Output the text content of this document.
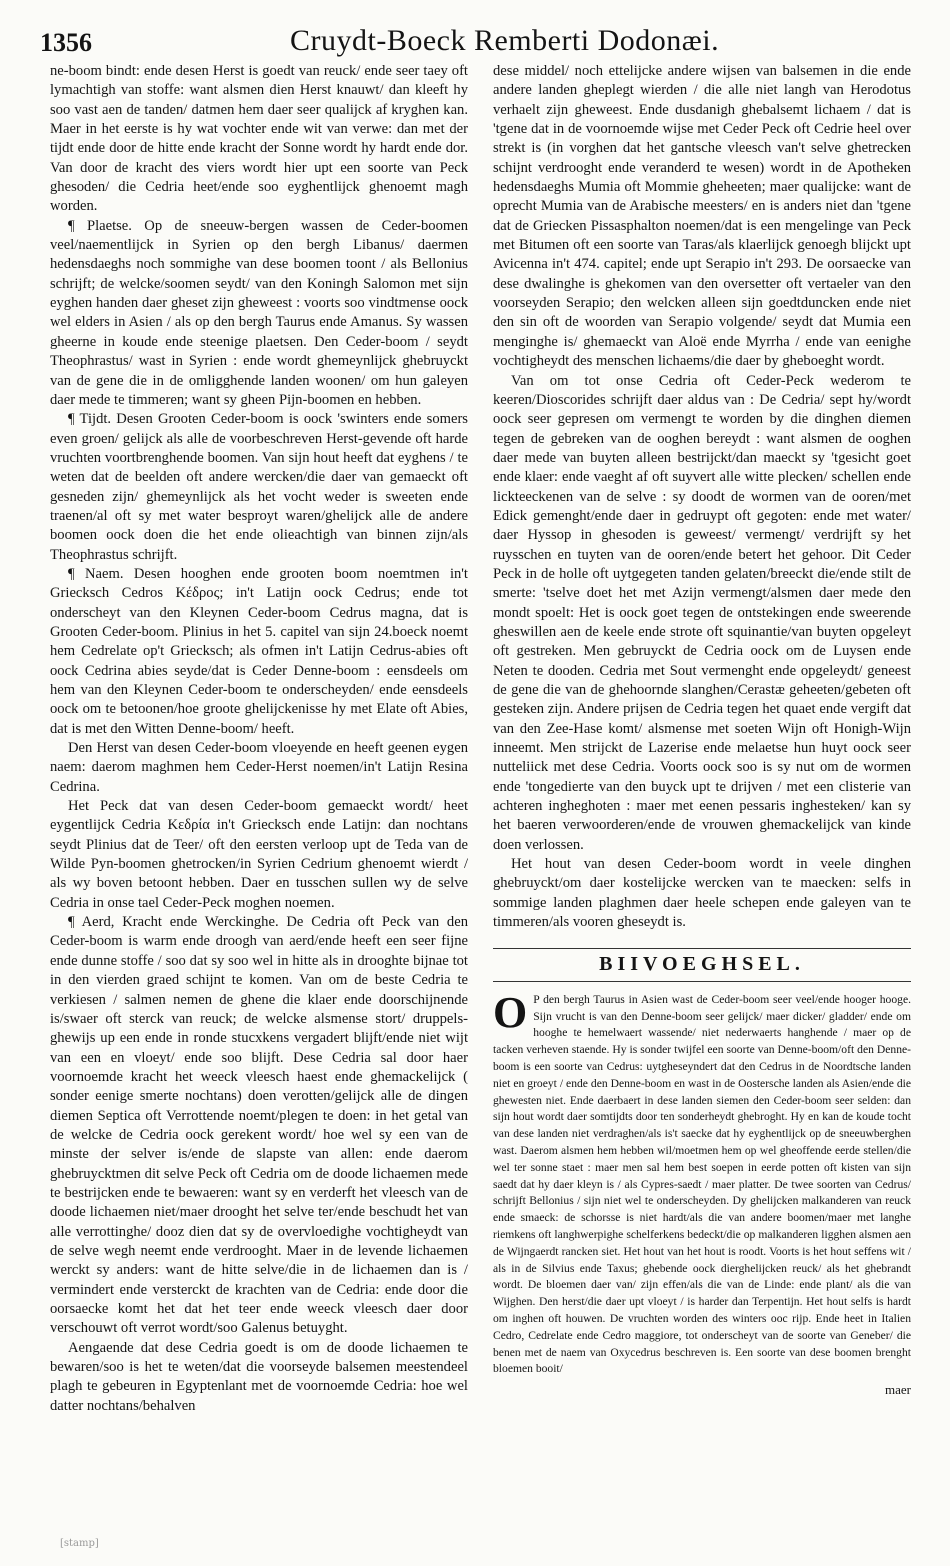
1356	Cruydt-Boeck Remberti Dodonæi.

ne-boom bindt: ende desen Herst is goedt van reuck/ ende seer taey oft lymachtigh van stoffe: want alsmen dien Herst knauwt/ dan kleeft hy soo vast aen de tanden/ datmen hem daer seer qualijck af kryghen kan. Maer in het eerste is hy wat vochter ende wit van verwe: dan met der tijdt ende door de hitte ende kracht der Sonne wordt hy hardt ende dor. Van door de kracht des viers wordt hier upt een soorte van Peck ghesoden/ die Cedria heet/ende soo eyghentlijck ghenoemt magh worden.

¶ Plaetse. Op de sneeuw-bergen wassen de Ceder-boomen veel/naementlijck in Syrien op den bergh Libanus/ daermen hedensdaeghs noch sommighe van dese boomen toont / als Bellonius schrijft; de welcke/soomen seydt/ van den Koningh Salomon met sijn eyghen handen daer gheset zijn gheweest : voorts soo vindtmense oock wel elders in Asien / als op den bergh Taurus ende Amanus. Sy wassen gheerne in koude ende steenige plaetsen. Den Ceder-boom / seydt Theophrastus/ wast in Syrien : ende wordt ghemeynlijck ghebruyckt van de gene die in de omligghende landen woonen/ om hun galeyen daer mede te timmeren; want sy gheen Pijn-boomen en hebben.

¶ Tijdt. Desen Grooten Ceder-boom is oock 'swinters ende somers even groen/ gelijck als alle de voorbeschreven Herst-gevende oft harde vruchten voortbrenghende boomen. Van sijn hout heeft dat eyghens / te weten dat de beelden oft andere wercken/die daer van gemaeckt oft gesneden zijn/ ghemeynlijck als het vocht weder is sweeten ende traenen/al oft sy met water besproyt waren/ghelijck alle de andere boomen oock doen die het ende olieachtigh van binnen zijn/als Theophrastus schrijft.

¶ Naem. Desen hooghen ende grooten boom noemtmen in't Griecksch Cedros Κέδρος; in't Latijn oock Cedrus; ende tot onderscheyt van den Kleynen Ceder-boom Cedrus magna, dat is Grooten Ceder-boom. Plinius in het 5. capitel van sijn 24.boeck noemt hem Cedrelate op't Griecksch; als ofmen in't Latijn Cedrus-abies oft oock Cedrina abies seyde/dat is Ceder Denne-boom : eensdeels om hem van den Kleynen Ceder-boom te onderscheyden/ ende eensdeels oock om te betoonen/hoe groote ghelijckenisse hy met Elate oft Abies, dat is met den Witten Denne-boom/ heeft.

Den Herst van desen Ceder-boom vloeyende en heeft geenen eygen naem: daerom maghmen hem Ceder-Herst noemen/in't Latijn Resina Cedrina.

Het Peck dat van desen Ceder-boom gemaeckt wordt/ heet eygentlijck Cedria Κεδρία in't Griecksch ende Latijn: dan nochtans seydt Plinius dat de Teer/ oft den eersten verloop upt de Teda van de Wilde Pyn-boomen ghetrocken/in Syrien Cedrium ghenoemt wierdt / als wy boven betoont hebben. Daer en tusschen sullen wy de selve Cedria in onse tael Ceder-Peck moghen noemen.

¶ Aerd, Kracht ende Werckinghe. De Cedria oft Peck van den Ceder-boom is warm ende droogh van aerd/ende heeft een seer fijne ende dunne stoffe / soo dat sy soo wel in hitte als in drooghte bijnae tot in den vierden graed schijnt te komen. Van om de beste Cedria te verkiesen / salmen nemen de ghene die klaer ende doorschijnende is/swaer oft sterck van reuck; de welcke alsmense stort/ druppels-ghewijs up een ende in ronde stucxkens vergadert blijft/ende niet wijt van een en vloeyt/ ende soo blijft. Dese Cedria sal door haer voornoemde kracht het weeck vleesch haest ende ghemackelijck ( sonder eenige smerte nochtans) doen verotten/gelijck alle de dingen diemen Septica oft Verrottende noemt/plegen te doen: in het getal van de welcke de Cedria oock gerekent wordt/ hoe wel sy een van de minste der selver is/ende de slapste van allen: ende daerom ghebruycktmen dit selve Peck oft Cedria om de doode lichaemen mede te bestrijcken ende te bewaeren: want sy en verderft het vleesch van de doode lichaemen niet/maer drooght het selve ter/ende beschudt het van alle verrottinghe/ dooz dien dat sy de overvloedighe vochtigheydt van de selve wegh neemt ende verdrooght. Maer in de levende lichaemen werckt sy anders: want de hitte selve/die in de lichaemen dan is / vermindert ende versterckt de krachten van de Cedria: ende door die oorsaecke komt het dat het teer ende weeck vleesch daer door verschouwt oft verrot wordt/soo Galenus betuyght.

Aengaende dat dese Cedria goedt is om de doode lichaemen te bewaren/soo is het te weten/dat die voorseyde balsemen meestendeel plagh te gebeuren in Egyptenlant met de voornoemde Cedria: hoe wel datter nochtans/behalven

dese middel/ noch ettelijcke andere wijsen van balsemen in die ende andere landen gheplegt wierden / die alle niet langh van Herodotus verhaelt zijn gheweest. Ende dusdanigh ghebalsemt lichaem / dat is 'tgene dat in de voornoemde wijse met Ceder Peck oft Cedrie heel over strekt is (in vorghen dat het gantsche vleesch van't selve ghetrecken schijnt verdrooght ende veranderd te wesen) wordt in de Apotheken hedensdaeghs Mumia oft Mommie gheheeten; maer qualijcke: want de oprecht Mumia van de Arabische meesters/ en is anders niet dan 'tgene dat de Griecken Pissasphalton noemen/dat is een mengelinge van Peck met Bitumen oft een soorte van Taras/als klaerlijck genoegh blijckt upt Avicenna in't 474. capitel; ende upt Serapio in't 293. De oorsaecke van dese dwalinghe is ghekomen van den oversetter oft vertaeler van den voorseyden Serapio; den welcken alleen sijn goedtduncken ende niet den sin oft de woorden van Serapio volgende/ seydt dat Mumia een menginghe is/ ghemaeckt van Aloë ende Myrrha / ende van eenighe vochtigheydt des menschen lichaems/die daer by gheboeght wordt.

Van om tot onse Cedria oft Ceder-Peck wederom te keeren/Dioscorides schrijft daer aldus van : De Cedria/ sept hy/wordt oock seer gepresen om vermengt te worden by die dinghen diemen tegen de gebreken van de ooghen bereydt : want alsmen de ooghen daer mede van buyten alleen bestrijckt/dan maeckt sy 'tgesicht goet ende klaer: ende vaeght af oft suyvert alle witte plecken/ schellen ende lickteeckenen van de selve : sy doodt de wormen van de ooren/met Edick gemenght/ende daer in gedruypt oft gegoten: ende met water/ daer Hyssop in ghesoden is geweest/ vermengt/ verdrijft sy het ruysschen en tuyten van de ooren/ende betert het gehoor. Dit Ceder Peck in de holle oft uytgegeten tanden gelaten/breeckt die/ende stilt de smerte: 'tselve doet het met Azijn vermengt/alsmen daer mede den mondt spoelt: Het is oock goet tegen de ontstekingen ende sweerende gheswillen aen de keele ende strote oft squinantie/van buyten opgeleyt oft gestreken. Men gebruyckt de Cedria oock om de Luysen ende Neten te dooden. Cedria met Sout vermenght ende opgeleydt/ geneest de gene die van de ghehoornde slanghen/Cerastæ geheeten/gebeten oft gesteken zijn. Andere prijsen de Cedria tegen het quaet ende vergift dat van den Zee-Hase komt/ alsmense met soeten Wijn oft Honigh-Wijn inneemt. Men strijckt de Lazerise ende melaetse hun huyt oock seer nutteliick met dese Cedria. Voorts oock soo is sy nut om de wormen ende 'tongedierte van den buyck upt te drijven / met een clisterie van achteren ingheghoten : maer met eenen pessaris inghesteken/ kan sy het baeren verwoorderen/ende de vrouwen ghemackelijck van kinde doen verlossen.

Het hout van desen Ceder-boom wordt in veele dinghen ghebruyckt/om daer kostelijcke wercken van te maecken: selfs in sommige landen plaghmen daer heele schepen ende galeyen van te timmeren/als vooren gheseydt is.

BIIVOEGHSEL.
O P den bergh Taurus in Asien wast de Ceder-boom seer veel/ende hooger hooge. Sijn vrucht is van den Denne-boom seer gelijck/ maer dicker/ gladder/ ende om hooghe te hemelwaert wassende/ niet nederwaerts hanghende / maer op de tacken verheven staende. Hy is sonder twijfel een soorte van Denne-boom/oft den Denne-boom is een soorte van Cedrus: uytgheseyndert dat den Cedrus in de Noordtsche landen niet en groeyt / ende den Denne-boom en wast in de Oostersche landen als Asien/ende die ghewesten niet. Ende daerbaert in dese landen siemen den Ceder-boom seer selden: dan sijn hout wordt daer somtijdts door ten sonderheydt ghebroght. Hy en kan de koude tocht van dese landen niet verdraghen/als is't saecke dat hy eyghentlijck op de sneeuwberghen wast. Daerom alsmen hem hebben wil/moetmen hem op wel gheoffende eerde stellen/die wel ter sonne staet : maer men sal hem best soepen in eerde potten oft kisten van sijn saedt dat hy daer kleyn is / als Cypres-saedt / maer platter. De twee soorten van Cedrus/ schrijft Bellonius / sijn niet wel te onderscheyden. Dy ghelijcken malkanderen van reuck ende smaeck: de schorsse is niet hardt/als die van andere boomen/maer met langhe riemkens oft langhwerpighe schelferkens bedeckt/die op malkanderen ligghen alsmen aen de Wijngaerdt rancken siet. Het hout van het hout is roodt. Voorts is het hout seffens wit / als in de Silvius ende Taxus; ghebende oock dierghelijcken reuck/ als het ghebrandt wordt. De bloemen daer van/ zijn effen/als die van de Linde: ende plant/ als die van Wijghen. Den herst/die daer upt vloeyt / is harder dan Terpentijn. Het hout selfs is hardt om inghen oft houwen. De vruchten worden des winters ooc rijp. Ende heet in Italien Cedro, Cedrelate ende Cedro maggiore, tot onderscheyt van de soorte van Geneber/ die benen met de naem van Oxycedrus beschreven is. Een soorte van dese boomen brenght bloemen booit/
maer
[stamp]
